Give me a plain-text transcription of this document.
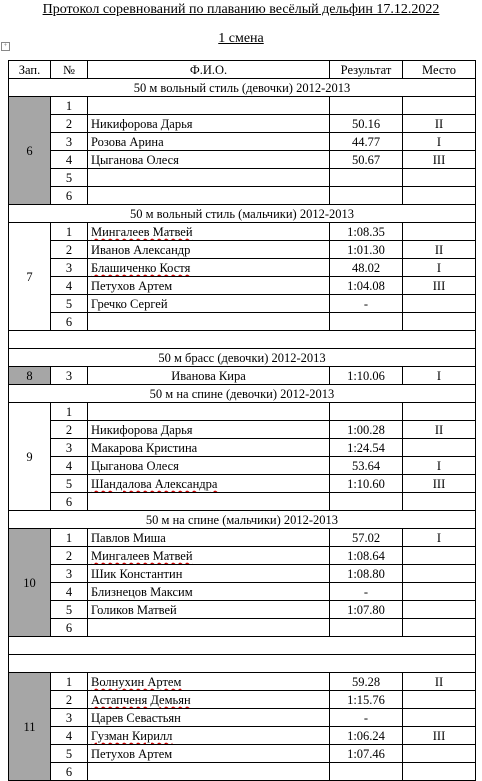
Протокол соревнований по плаванию весёлый дельфин 17.12.2022
+	1 смена
Зап.	№	Ф.И.О.	Результат	Место
50 м вольный стиль (девочки) 2012-2013				
6	1			
	2	Никифорова Дарья	50.16	II
	3	Розова Арина	44.77	I
	4	Цыганова Олеся	50.67	III
	5			
	6			
50 м вольный стиль (мальчики) 2012-2013				
7	1	Мингалеев Матвей	1:08.35	
	2	Иванов Александр	1:01.30	II
	3	Блашиченко Костя	48.02	I
	4	Петухов Артем	1:04.08	III
	5	Гречко Сергей	-	
	6			

50 м брасс (девочки) 2012-2013				
8	3	Иванова Кира	1:10.06	I
50 м на спине (девочки) 2012-2013				
9	1			
	2	Никифорова Дарья	1:00.28	II
	3	Макарова Кристина	1:24.54	
	4	Цыганова Олеся	53.64	I
	5	Шандалова Александра	1:10.60	III
	6			
50 м на спине (мальчики) 2012-2013				
10	1	Павлов Миша	57.02	I
	2	Мингалеев Матвей	1:08.64	
	3	Шик Константин	1:08.80	
	4	Близнецов Максим	-	
	5	Голиков Матвей	1:07.80	
	6			

11	1	Волнухин Артем	59.28	II
	2	Астапченя Демьян	1:15.76	
	3	Царев Севастьян	-	
	4	Гузман Кирилл	1:06.24	III
	5	Петухов Артем	1:07.46	
	6			
